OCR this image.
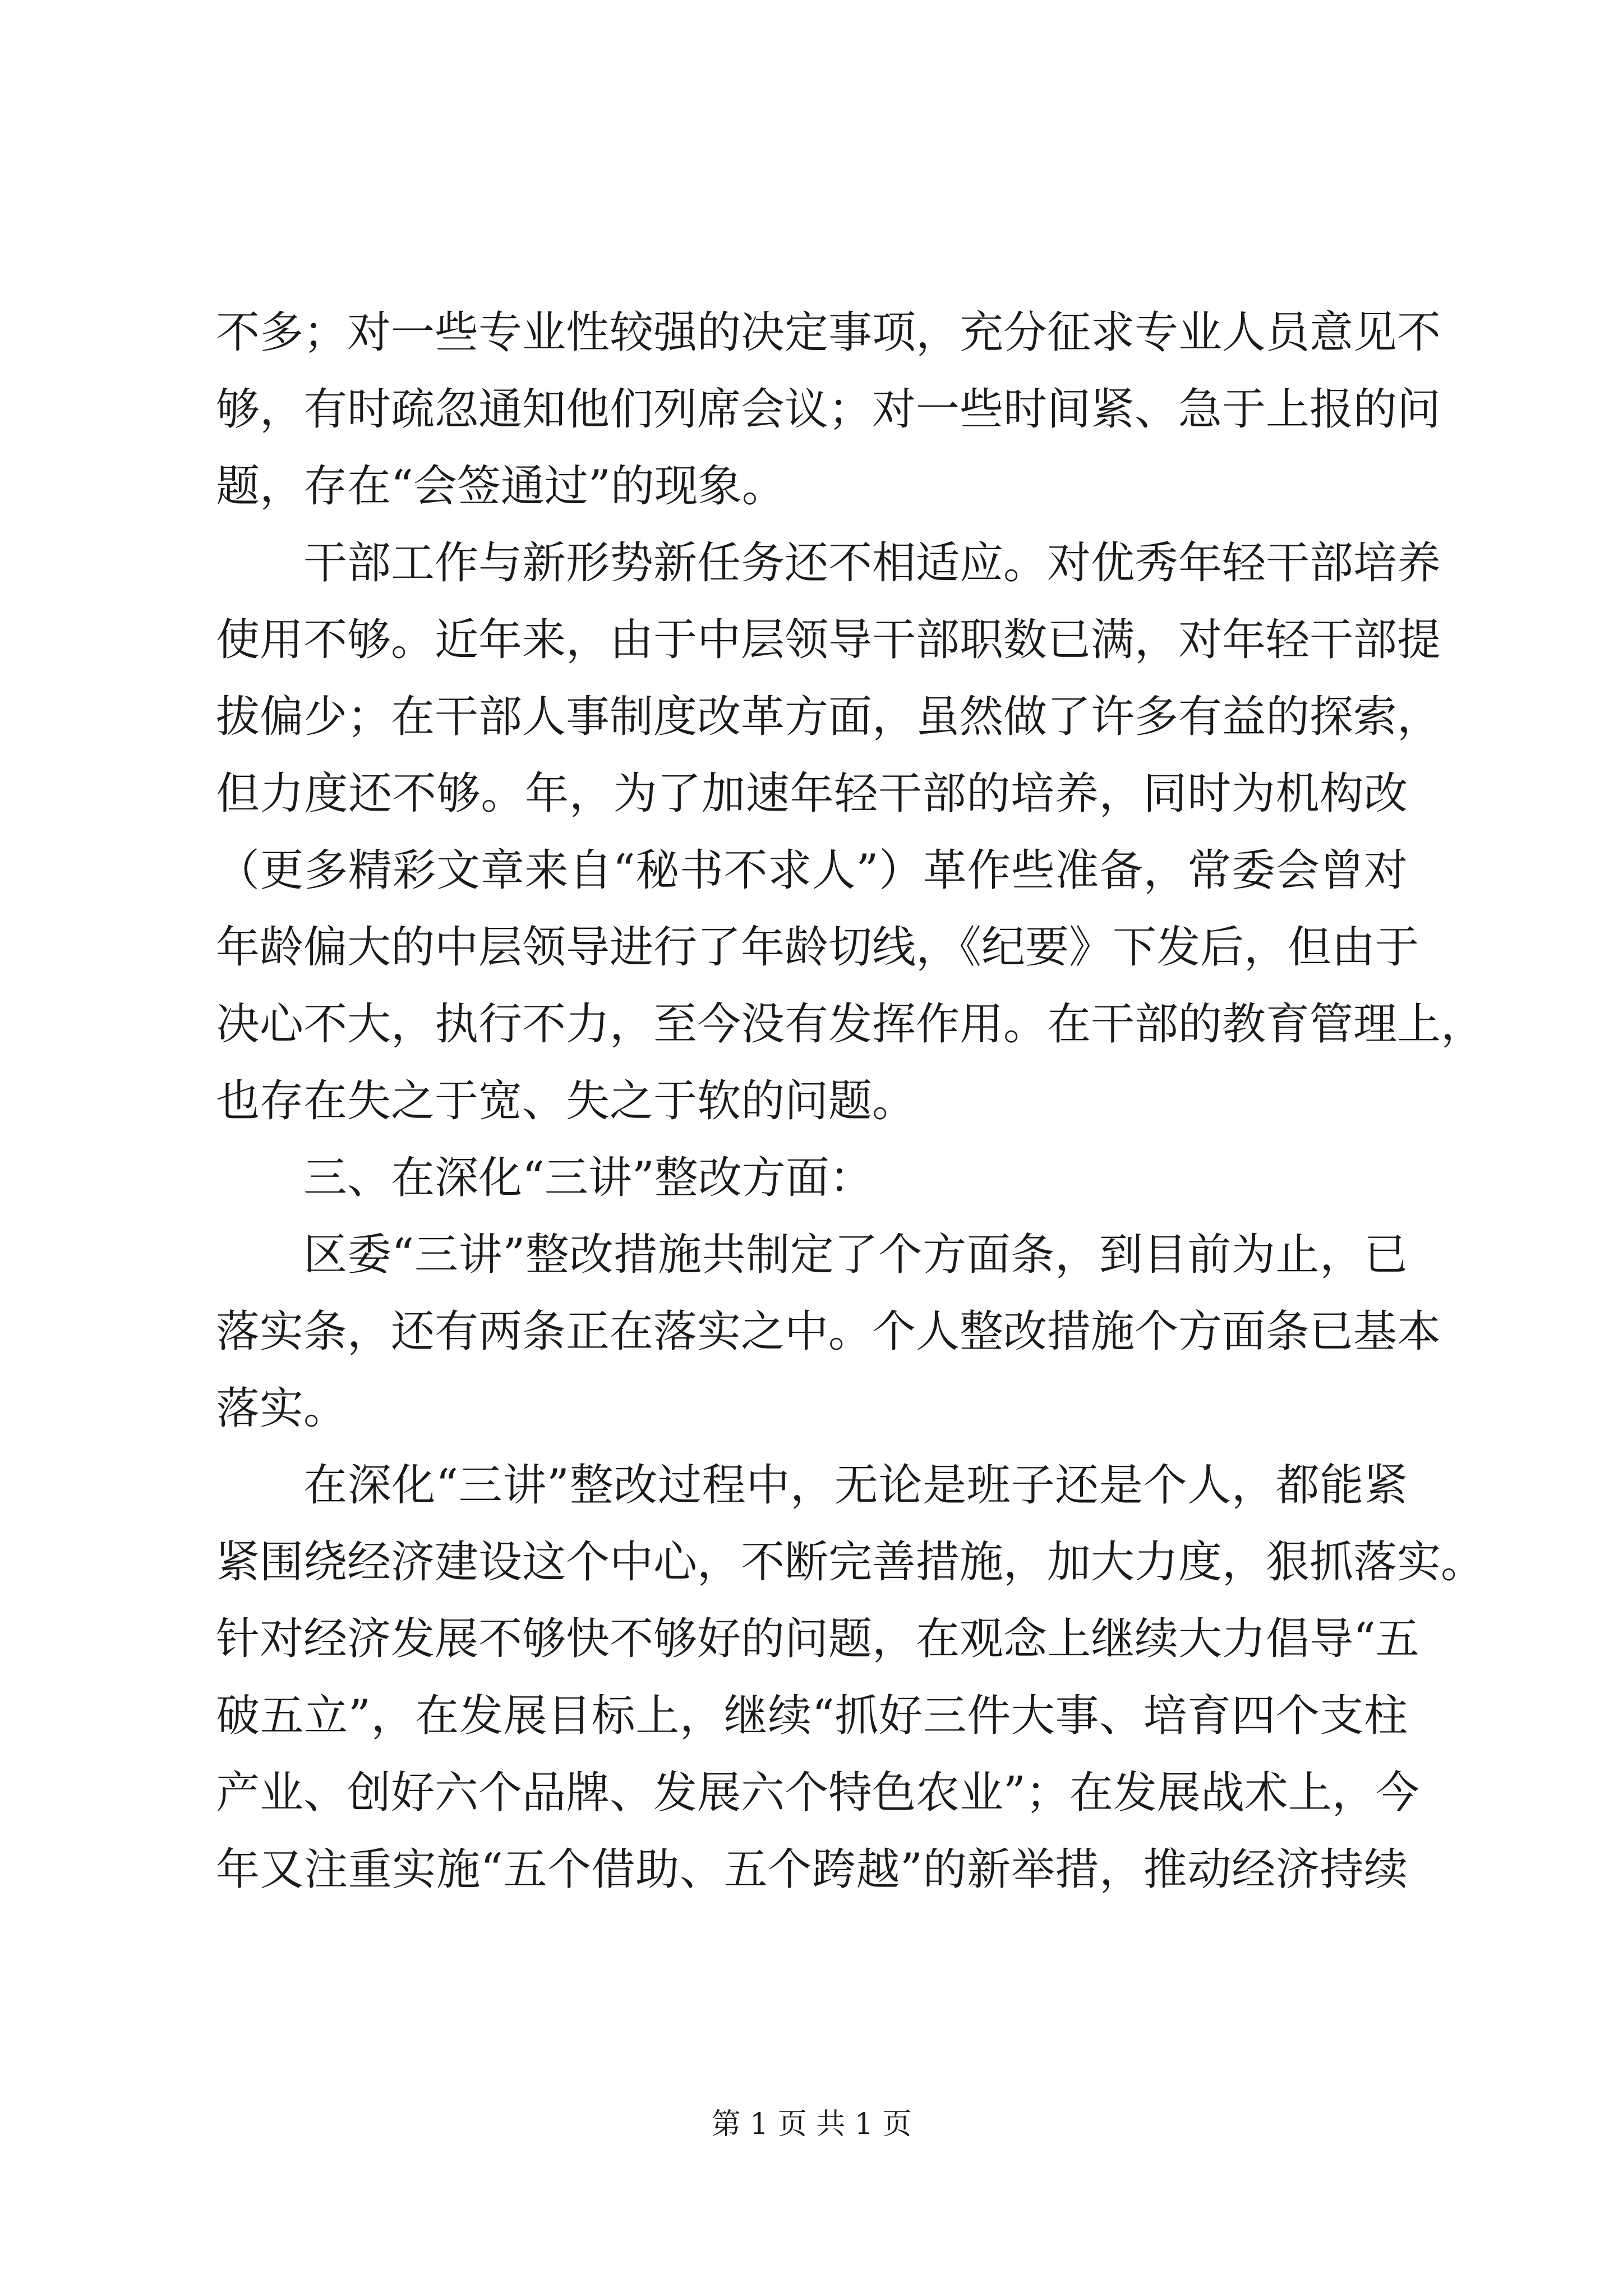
不多；对一些专业性较强的决定事项，充分征求专业人员意见不
够，有时疏忽通知他们列席会议；对一些时间紧、急于上报的问
题，存在“会签通过”的现象。
干部工作与新形势新任务还不相适应。对优秀年轻干部培养
使用不够。近年来，由于中层领导干部职数已满，对年轻干部提
拔偏少；在干部人事制度改革方面，虽然做了许多有益的探索，
但力度还不够。年，为了加速年轻干部的培养，同时为机构改
（更多精彩文章来自“秘书不求人”）革作些准备，常委会曾对
年龄偏大的中层领导进行了年龄切线，《纪要》下发后，但由于
决心不大，执行不力，至今没有发挥作用。在干部的教育管理上，
也存在失之于宽、失之于软的问题。
三、在深化“三讲”整改方面：
区委“三讲”整改措施共制定了个方面条，到目前为止，已
落实条，还有两条正在落实之中。个人整改措施个方面条已基本
落实。
在深化“三讲”整改过程中，无论是班子还是个人，都能紧
紧围绕经济建设这个中心，不断完善措施，加大力度，狠抓落实。
针对经济发展不够快不够好的问题，在观念上继续大力倡导“五
破五立”，在发展目标上，继续“抓好三件大事、培育四个支柱
产业、创好六个品牌、发展六个特色农业”；在发展战术上，今
年又注重实施“五个借助、五个跨越”的新举措，推动经济持续
第 1 页 共 1 页
